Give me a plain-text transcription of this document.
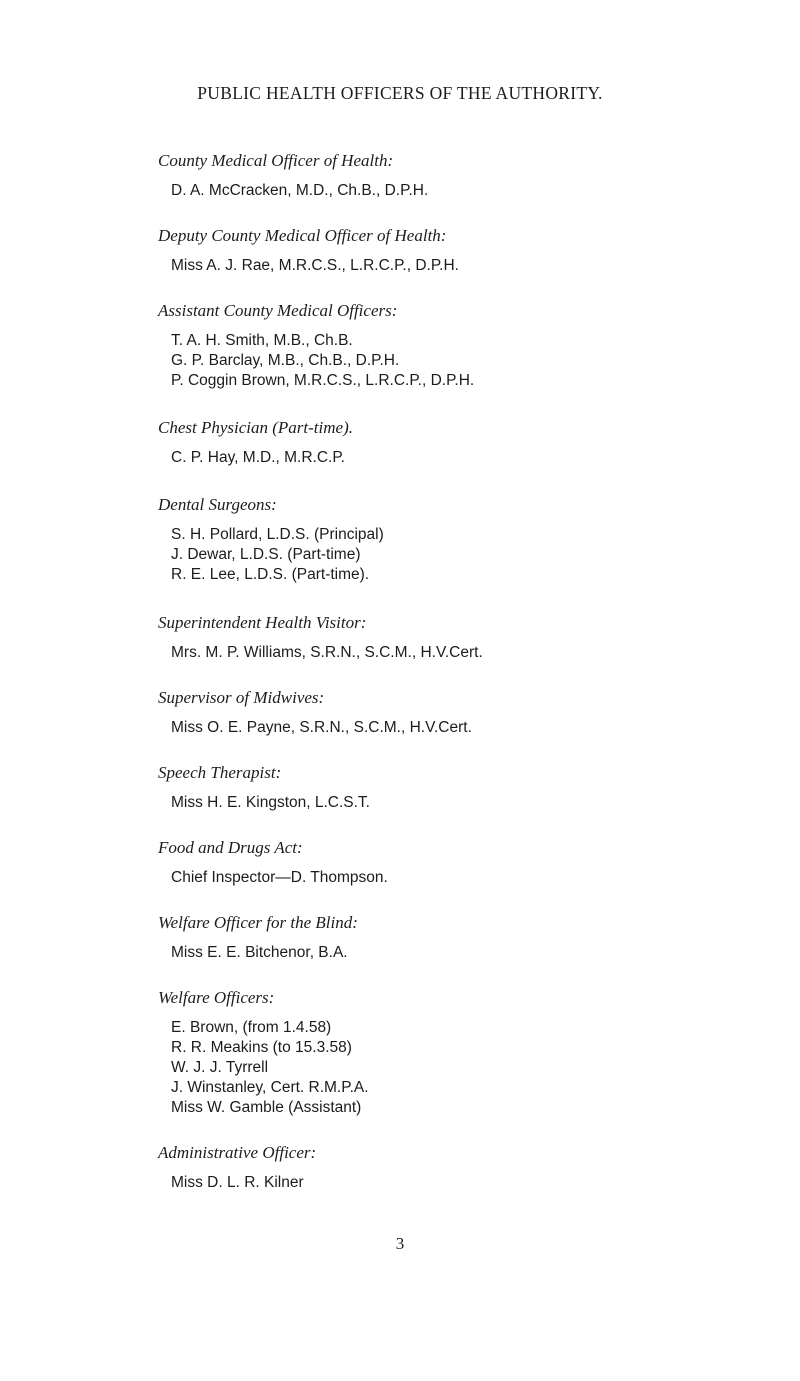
PUBLIC HEALTH OFFICERS OF THE AUTHORITY.
County Medical Officer of Health:
D. A. McCracken, M.D., Ch.B., D.P.H.
Deputy County Medical Officer of Health:
Miss A. J. Rae, M.R.C.S., L.R.C.P., D.P.H.
Assistant County Medical Officers:
T. A. H. Smith, M.B., Ch.B.
G. P. Barclay, M.B., Ch.B., D.P.H.
P. Coggin Brown, M.R.C.S., L.R.C.P., D.P.H.
Chest Physician (Part-time).
C. P. Hay, M.D., M.R.C.P.
Dental Surgeons:
S. H. Pollard, L.D.S. (Principal)
J. Dewar, L.D.S. (Part-time)
R. E. Lee, L.D.S. (Part-time).
Superintendent Health Visitor:
Mrs. M. P. Williams, S.R.N., S.C.M., H.V.Cert.
Supervisor of Midwives:
Miss O. E. Payne, S.R.N., S.C.M., H.V.Cert.
Speech Therapist:
Miss H. E. Kingston, L.C.S.T.
Food and Drugs Act:
Chief Inspector—D. Thompson.
Welfare Officer for the Blind:
Miss E. E. Bitchenor, B.A.
Welfare Officers:
E. Brown, (from 1.4.58)
R. R. Meakins (to 15.3.58)
W. J. J. Tyrrell
J. Winstanley, Cert. R.M.P.A.
Miss W. Gamble (Assistant)
Administrative Officer:
Miss D. L. R. Kilner
3
